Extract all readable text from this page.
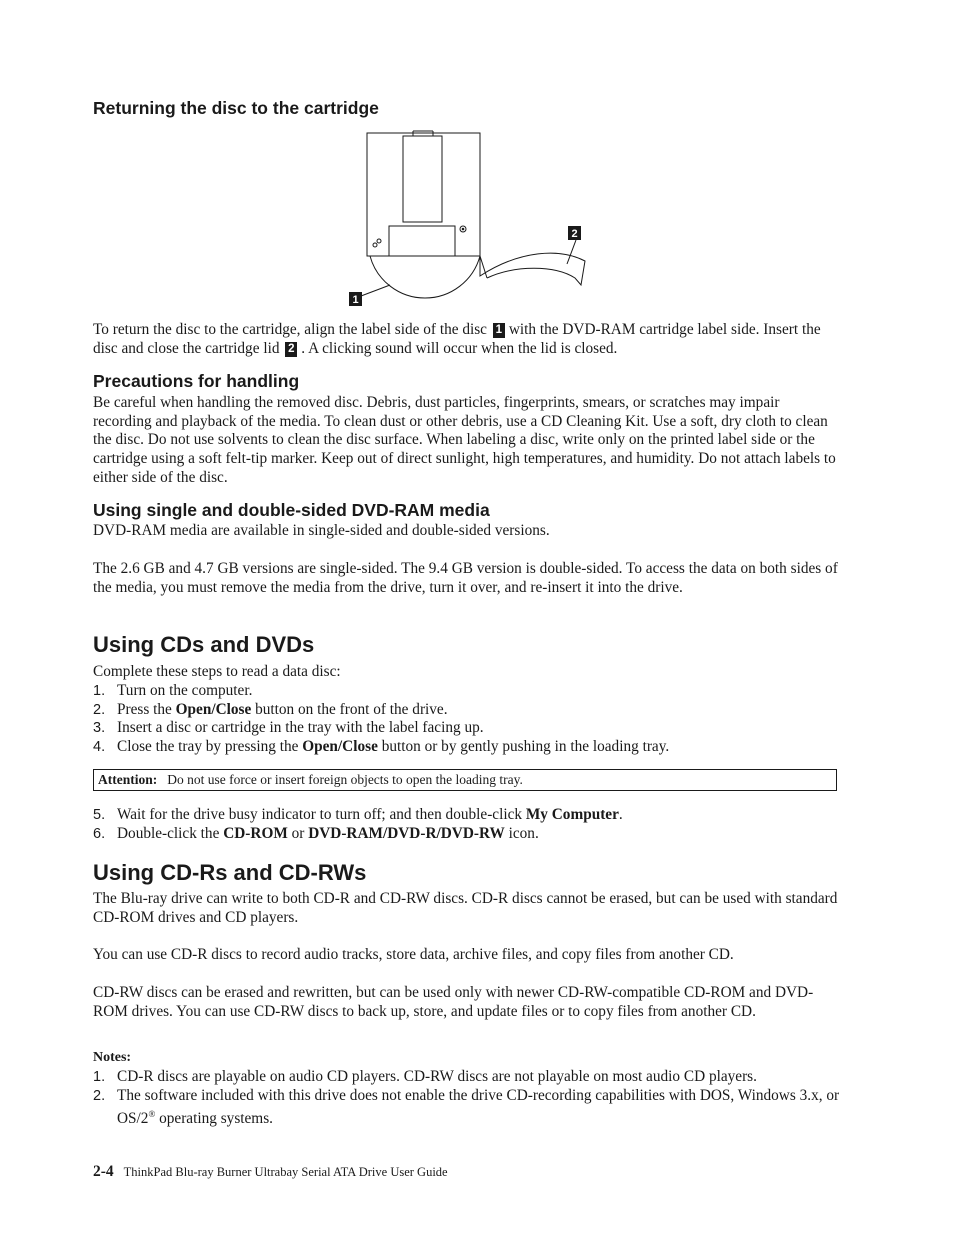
1
2
Returning the disc to the cartridge

To return the disc to the cartridge, align the label side of the disc 1 with the DVD-RAM cartridge label side. Insert the disc and close the cartridge lid 2 . A clicking sound will occur when the lid is closed.

Precautions for handling

Be careful when handling the removed disc. Debris, dust particles, fingerprints, smears, or scratches may impair recording and playback of the media. To clean dust or other debris, use a CD Cleaning Kit. Use a soft, dry cloth to clean the disc. Do not use solvents to clean the disc surface. When labeling a disc, write only on the printed label side or the cartridge using a soft felt-tip marker. Keep out of direct sunlight, high temperatures, and humidity. Do not attach labels to either side of the disc.

Using single and double-sided DVD-RAM media

DVD-RAM media are available in single-sided and double-sided versions.

The 2.6 GB and 4.7 GB versions are single-sided. The 9.4 GB version is double-sided. To access the data on both sides of the media, you must remove the media from the drive, turn it over, and re-insert it into the drive.

Using CDs and DVDs

Complete these steps to read a data disc:

1. Turn on the computer.
2. Press the Open/Close button on the front of the drive.
3. Insert a disc or cartridge in the tray with the label facing up.
4. Close the tray by pressing the Open/Close button or by gently pushing in the loading tray.
Attention: Do not use force or insert foreign objects to open the loading tray.
5. Wait for the drive busy indicator to turn off; and then double-click My Computer.
6. Double-click the CD-ROM or DVD-RAM/DVD-R/DVD-RW icon.
Using CD-Rs and CD-RWs

The Blu-ray drive can write to both CD-R and CD-RW discs. CD-R discs cannot be erased, but can be used with standard CD-ROM drives and CD players.

You can use CD-R discs to record audio tracks, store data, archive files, and copy files from another CD.

CD-RW discs can be erased and rewritten, but can be used only with newer CD-RW-compatible CD-ROM and DVD-ROM drives. You can use CD-RW discs to back up, store, and update files or to copy files from another CD.

Notes:

1. CD-R discs are playable on audio CD players. CD-RW discs are not playable on most audio CD players.
2. The software included with this drive does not enable the drive CD-recording capabilities with DOS, Windows 3.x, or OS/2® operating systems.
2-4 ThinkPad Blu-ray Burner Ultrabay Serial ATA Drive User Guide
